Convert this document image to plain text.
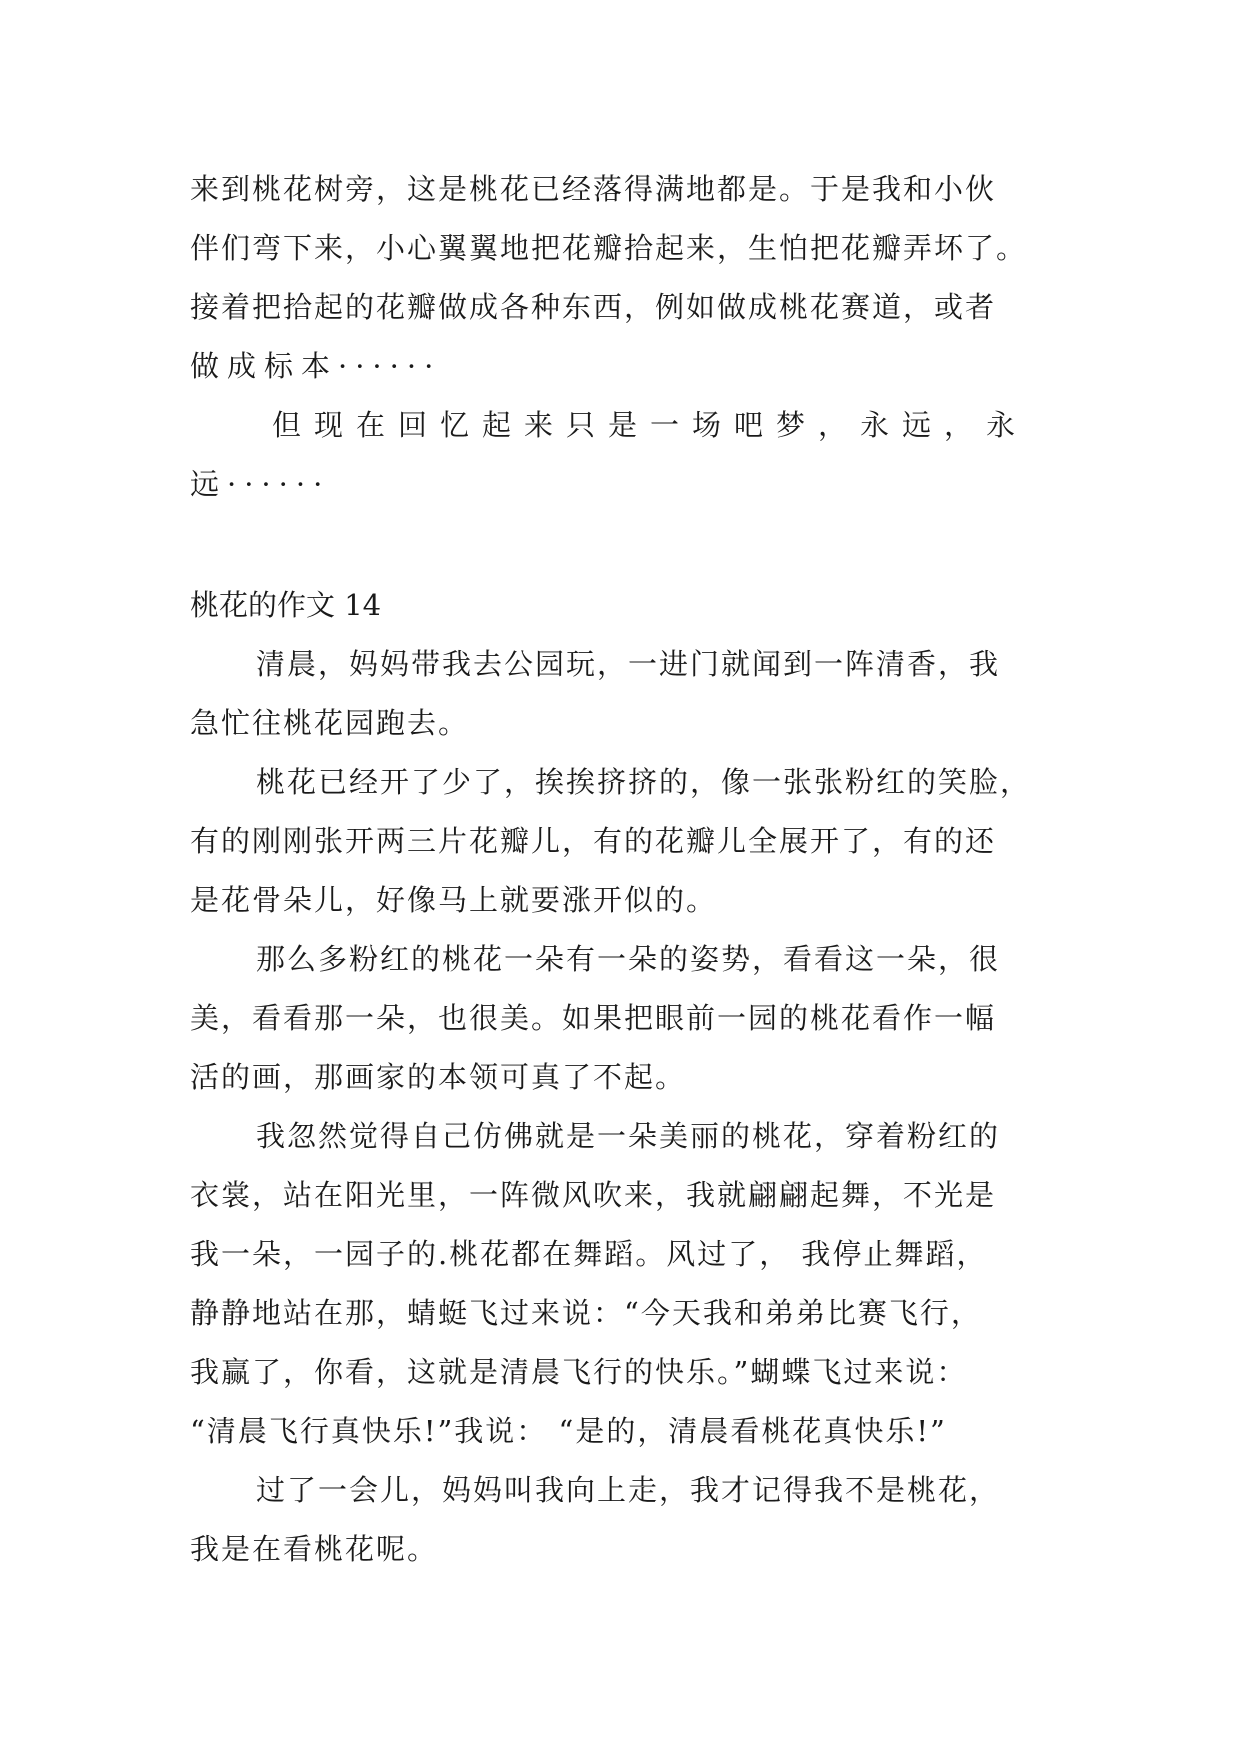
来到桃花树旁，这是桃花已经落得满地都是。于是我和小伙
伴们弯下来，小心翼翼地把花瓣拾起来，生怕把花瓣弄坏了。
接着把拾起的花瓣做成各种东西，例如做成桃花赛道，或者
做成标本······
但现在回忆起来只是一场吧梦，永远，永
远······
桃花的作文 14
清晨，妈妈带我去公园玩，一进门就闻到一阵清香，我
急忙往桃花园跑去。
桃花已经开了少了，挨挨挤挤的，像一张张粉红的笑脸，
有的刚刚张开两三片花瓣儿，有的花瓣儿全展开了，有的还
是花骨朵儿，好像马上就要涨开似的。
那么多粉红的桃花一朵有一朵的姿势，看看这一朵，很
美，看看那一朵，也很美。如果把眼前一园的桃花看作一幅
活的画，那画家的本领可真了不起。
我忽然觉得自己仿佛就是一朵美丽的桃花，穿着粉红的
衣裳，站在阳光里，一阵微风吹来，我就翩翩起舞，不光是
我一朵，一园子的.桃花都在舞蹈。风过了， 我停止舞蹈，
静静地站在那，蜻蜓飞过来说：“今天我和弟弟比赛飞行，
我赢了，你看，这就是清晨飞行的快乐。”蝴蝶飞过来说：
“清晨飞行真快乐!”我说： “是的，清晨看桃花真快乐!”
过了一会儿，妈妈叫我向上走，我才记得我不是桃花，
我是在看桃花呢。
